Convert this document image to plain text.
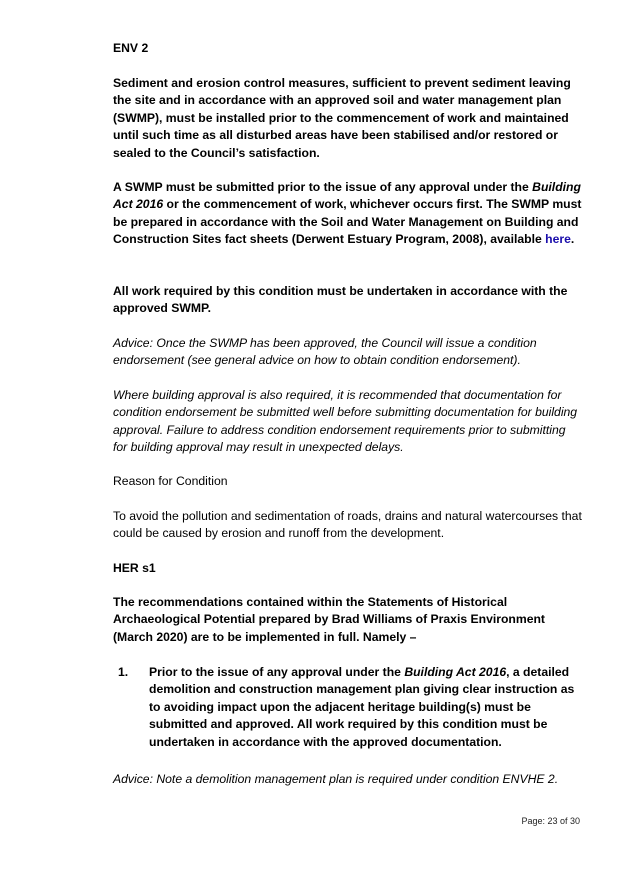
ENV 2

Sediment and erosion control measures, sufficient to prevent sediment leaving the site and in accordance with an approved soil and water management plan (SWMP), must be installed prior to the commencement of work and maintained until such time as all disturbed areas have been stabilised and/or restored or sealed to the Council’s satisfaction.

A SWMP must be submitted prior to the issue of any approval under the Building Act 2016 or the commencement of work, whichever occurs first. The SWMP must be prepared in accordance with the Soil and Water Management on Building and Construction Sites fact sheets (Derwent Estuary Program, 2008), available here.

All work required by this condition must be undertaken in accordance with the approved SWMP.

Advice: Once the SWMP has been approved, the Council will issue a condition endorsement (see general advice on how to obtain condition endorsement).

Where building approval is also required, it is recommended that documentation for condition endorsement be submitted well before submitting documentation for building approval. Failure to address condition endorsement requirements prior to submitting for building approval may result in unexpected delays.

Reason for Condition

To avoid the pollution and sedimentation of roads, drains and natural watercourses that could be caused by erosion and runoff from the development.

HER s1

The recommendations contained within the Statements of Historical Archaeological Potential prepared by Brad Williams of Praxis Environment (March 2020) are to be implemented in full. Namely –

1. Prior to the issue of any approval under the Building Act 2016, a detailed demolition and construction management plan giving clear instruction as to avoiding impact upon the adjacent heritage building(s) must be submitted and approved. All work required by this condition must be undertaken in accordance with the approved documentation.

Advice: Note a demolition management plan is required under condition ENVHE 2.

Page: 23 of 30
